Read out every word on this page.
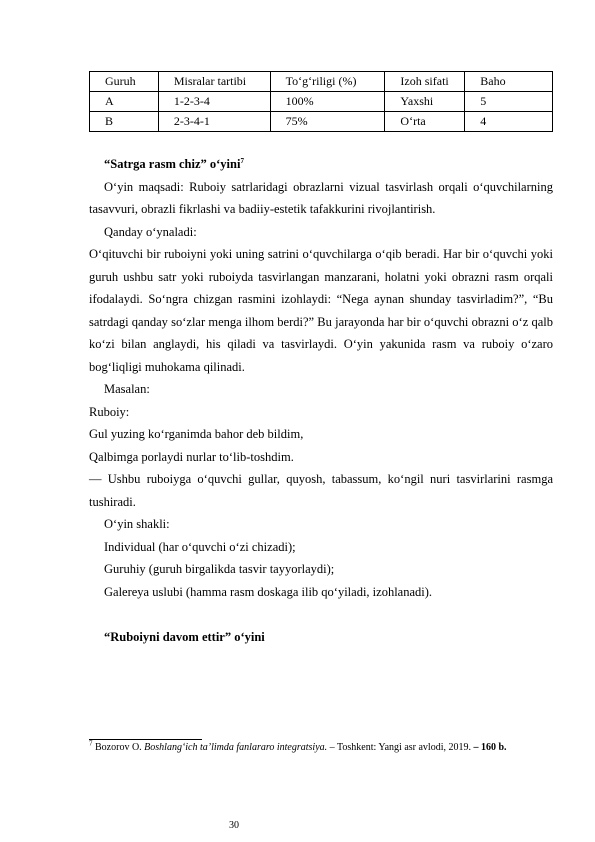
Guruh	Misralar tartibi	To‘g‘riligi (%)	Izoh sifati	Baho
A	1-2-3-4	100%	Yaxshi	5
B	2-3-4-1	75%	O‘rta	4

“Satrga rasm chiz” o‘yini$^7$

O‘yin maqsadi: Ruboiy satrlaridagi obrazlarni vizual tasvirlash orqali o‘quvchilarning tasavvuri, obrazli fikrlashi va badiiy-estetik tafakkurini rivojlantirish.

Qanday o‘ynaladi:

O‘qituvchi bir ruboiyni yoki uning satrini o‘quvchilarga o‘qib beradi. Har bir o‘quvchi yoki guruh ushbu satr yoki ruboiyda tasvirlangan manzarani, holatni yoki obrazni rasm orqali ifodalaydi. So‘ngra chizgan rasmini izohlaydi: “Nega aynan shunday tasvirladim?”, “Bu satrdagi qanday so‘zlar menga ilhom berdi?” Bu jarayonda har bir o‘quvchi obrazni o‘z qalb ko‘zi bilan anglaydi, his qiladi va tasvirlaydi. O‘yin yakunida rasm va ruboiy o‘zaro bog‘liqligi muhokama qilinadi.

Masalan:

Ruboiy:

Gul yuzing ko‘rganimda bahor deb bildim,

Qalbimga porlaydi nurlar to‘lib-toshdim.

— Ushbu ruboiyga o‘quvchi gullar, quyosh, tabassum, ko‘ngil nuri tasvirlarini rasmga tushiradi.

O‘yin shakli:

Individual (har o‘quvchi o‘zi chizadi);

Guruhiy (guruh birgalikda tasvir tayyorlaydi);

Galereya uslubi (hamma rasm doskaga ilib qo‘yiladi, izohlanadi).

“Ruboiyni davom ettir” o‘yini

$^7$ Bozorov O. Boshlang‘ich ta’limda fanlararo integratsiya. – Toshkent: Yangi asr avlodi, 2019. – 160 b.
30
